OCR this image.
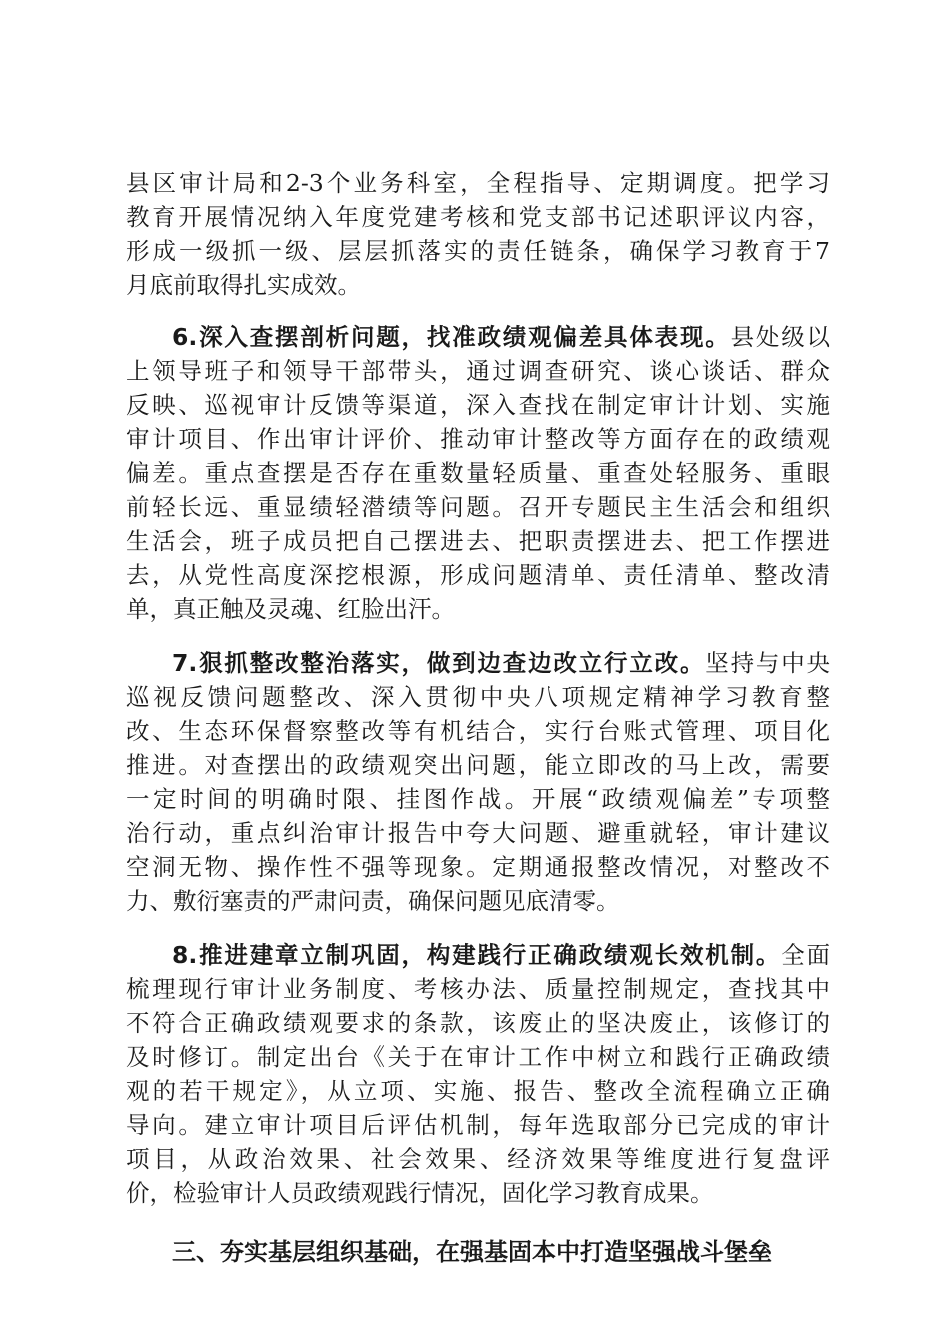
县区审计局和2-3个业务科室，全程指导、定期调度。把学习
教育开展情况纳入年度党建考核和党支部书记述职评议内容，
形成一级抓一级、层层抓落实的责任链条，确保学习教育于7
月底前取得扎实成效。
6.深入查摆剖析问题，找准政绩观偏差具体表现。县处级以
上领导班子和领导干部带头，通过调查研究、谈心谈话、群众
反映、巡视审计反馈等渠道，深入查找在制定审计计划、实施
审计项目、作出审计评价、推动审计整改等方面存在的政绩观
偏差。重点查摆是否存在重数量轻质量、重查处轻服务、重眼
前轻长远、重显绩轻潜绩等问题。召开专题民主生活会和组织
生活会，班子成员把自己摆进去、把职责摆进去、把工作摆进
去，从党性高度深挖根源，形成问题清单、责任清单、整改清
单，真正触及灵魂、红脸出汗。
7.狠抓整改整治落实，做到边查边改立行立改。坚持与中央
巡视反馈问题整改、深入贯彻中央八项规定精神学习教育整
改、生态环保督察整改等有机结合，实行台账式管理、项目化
推进。对查摆出的政绩观突出问题，能立即改的马上改，需要
一定时间的明确时限、挂图作战。开展“政绩观偏差”专项整
治行动，重点纠治审计报告中夸大问题、避重就轻，审计建议
空洞无物、操作性不强等现象。定期通报整改情况，对整改不
力、敷衍塞责的严肃问责，确保问题见底清零。
8.推进建章立制巩固，构建践行正确政绩观长效机制。全面
梳理现行审计业务制度、考核办法、质量控制规定，查找其中
不符合正确政绩观要求的条款，该废止的坚决废止，该修订的
及时修订。制定出台《关于在审计工作中树立和践行正确政绩
观的若干规定》，从立项、实施、报告、整改全流程确立正确
导向。建立审计项目后评估机制，每年选取部分已完成的审计
项目，从政治效果、社会效果、经济效果等维度进行复盘评
价，检验审计人员政绩观践行情况，固化学习教育成果。
三、夯实基层组织基础，在强基固本中打造坚强战斗堡垒
